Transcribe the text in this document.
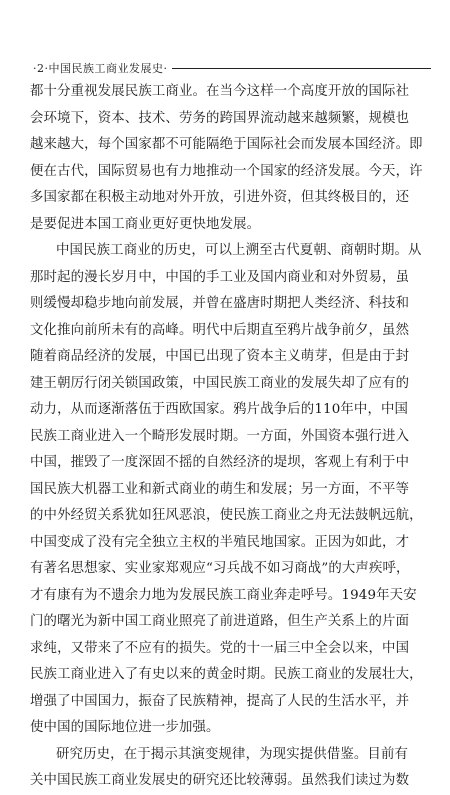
·2·中国民族工商业发展史·
都十分重视发展民族工商业。在当今这样一个高度开放的国际社
会环境下，资本、技术、劳务的跨国界流动越来越频繁，规模也
越来越大，每个国家都不可能隔绝于国际社会而发展本国经济。即
便在古代，国际贸易也有力地推动一个国家的经济发展。今天，许
多国家都在积极主动地对外开放，引进外资，但其终极目的，还
是要促进本国工商业更好更快地发展。
中国民族工商业的历史，可以上溯至古代夏朝、商朝时期。从
那时起的漫长岁月中，中国的手工业及国内商业和对外贸易，虽
则缓慢却稳步地向前发展，并曾在盛唐时期把人类经济、科技和
文化推向前所未有的高峰。明代中后期直至鸦片战争前夕，虽然
随着商品经济的发展，中国已出现了资本主义萌芽，但是由于封
建王朝厉行闭关锁国政策，中国民族工商业的发展失却了应有的
动力，从而逐渐落伍于西欧国家。鸦片战争后的110年中，中国
民族工商业进入一个畸形发展时期。一方面，外国资本强行进入
中国，摧毁了一度深固不摇的自然经济的堤坝，客观上有利于中
国民族大机器工业和新式商业的萌生和发展；另一方面，不平等
的中外经贸关系犹如狂风恶浪，使民族工商业之舟无法鼓帆远航，
中国变成了没有完全独立主权的半殖民地国家。正因为如此，才
有著名思想家、实业家郑观应“习兵战不如习商战”的大声疾呼，
才有康有为不遗余力地为发展民族工商业奔走呼号。1949年天安
门的曙光为新中国工商业照亮了前进道路，但生产关系上的片面
求纯，又带来了不应有的损失。党的十一届三中全会以来，中国
民族工商业进入了有史以来的黄金时期。民族工商业的发展壮大，
增强了中国国力，振奋了民族精神，提高了人民的生活水平，并
使中国的国际地位进一步加强。
研究历史，在于揭示其演变规律，为现实提供借鉴。目前有
关中国民族工商业发展史的研究还比较薄弱。虽然我们读过为数
